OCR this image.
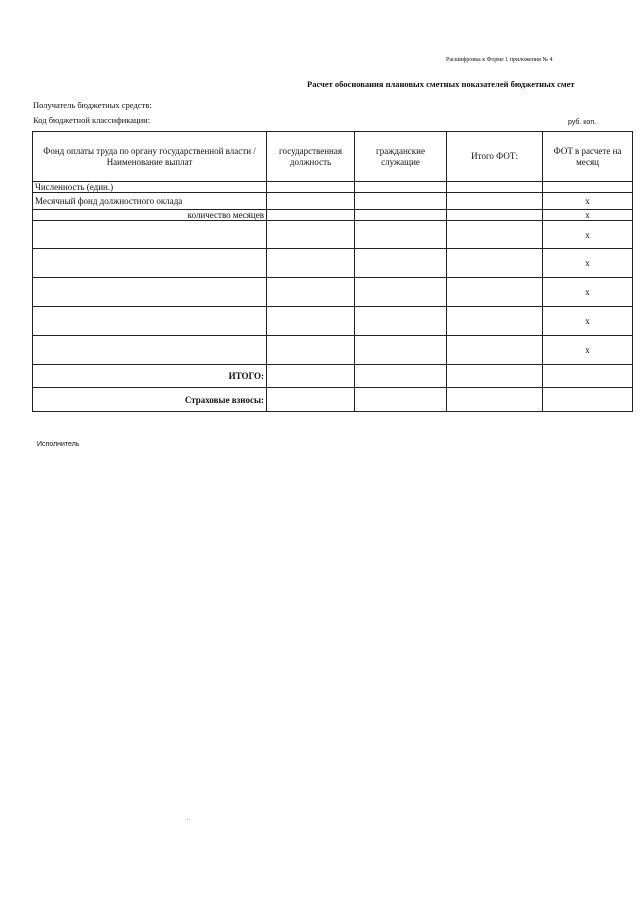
Расшифровка к Форме 1 приложения № 4
Расчет обоснования плановых сметных показателей бюджетных смет
Получатель бюджетных средств:
Код бюджетной классификации:	руб. коп.
Фонд оплаты труда по органу государственной власти / Наименование выплат	государственная должность	гражданские служащие	Итого ФОТ:	ФОТ в расчете на месяц
Численность (един.)				
Месячный фонд должностного оклада				х
количество месяцев				х
				х
				х
				х
				х
				х
ИТОГО:				
Страховые взносы:				
Исполнитель
.
